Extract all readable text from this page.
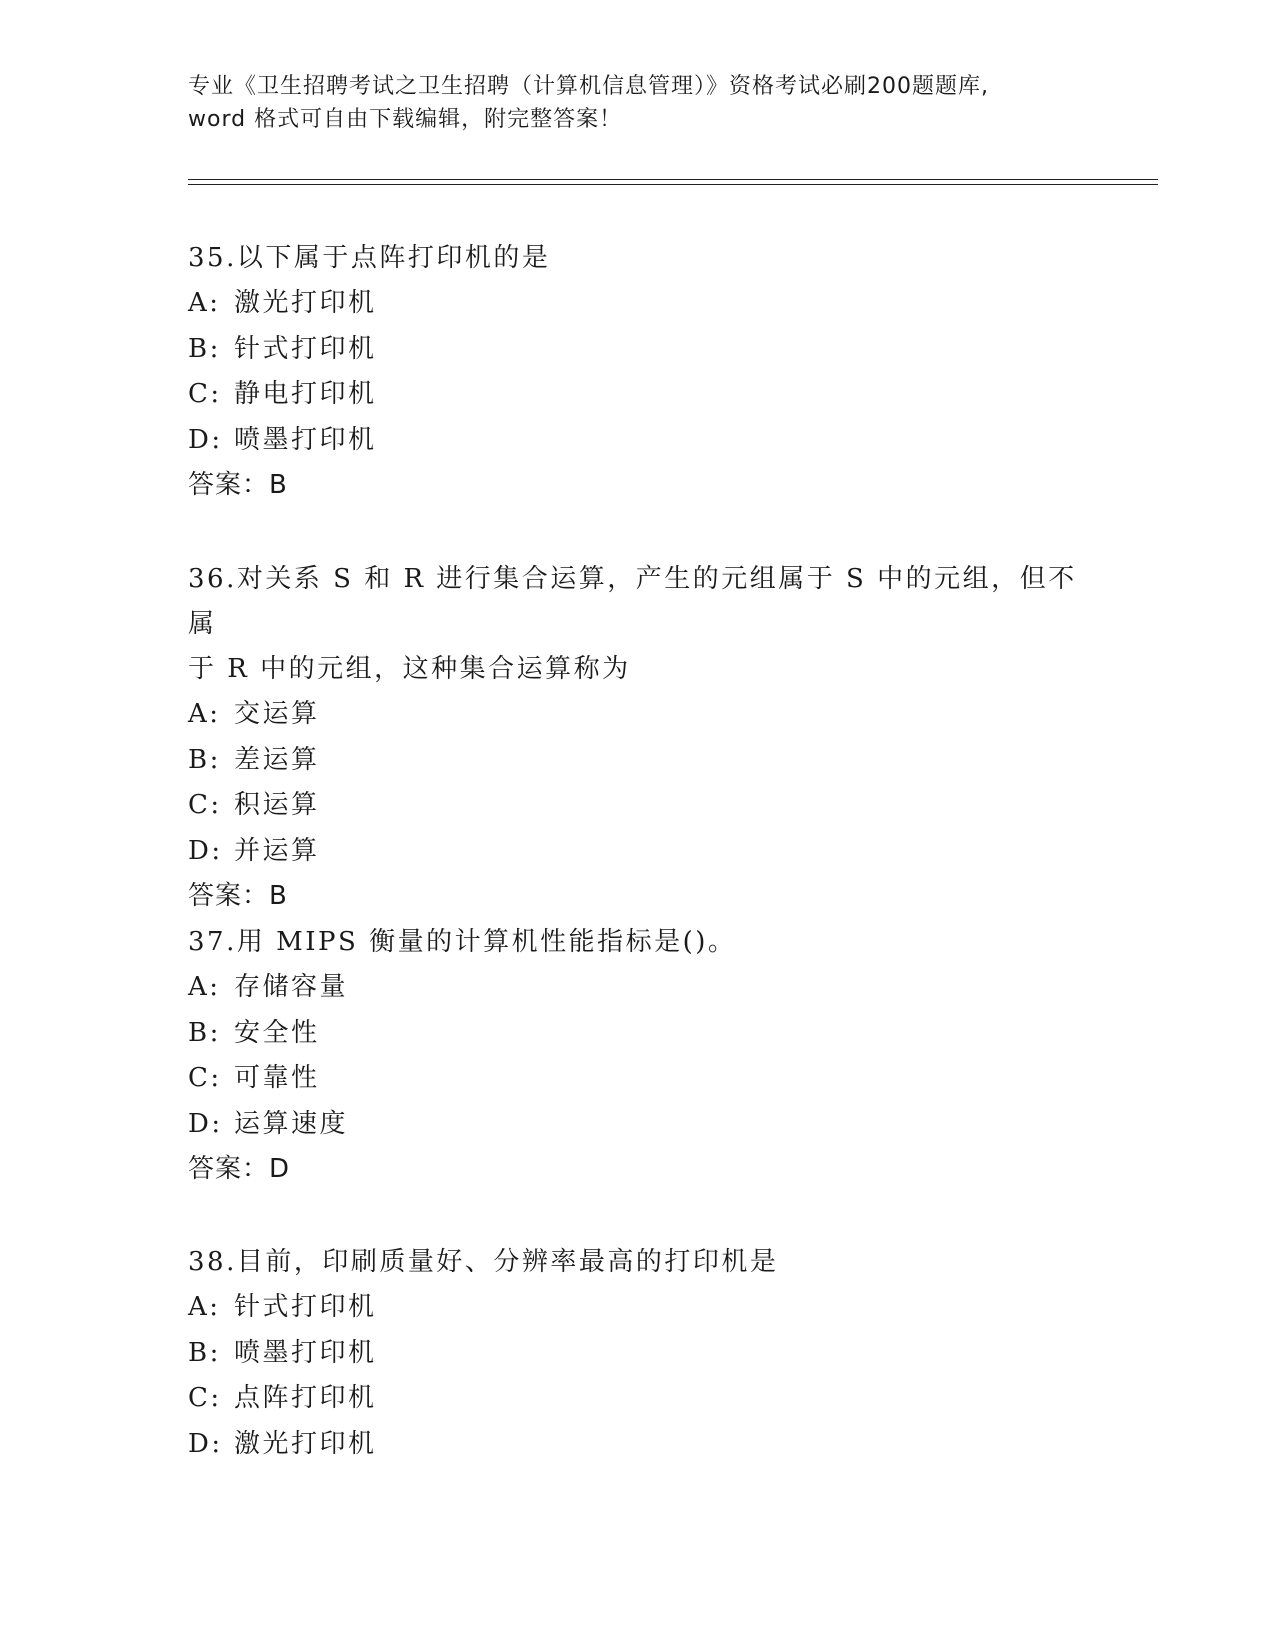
专业《卫生招聘考试之卫生招聘（计算机信息管理）》资格考试必刷200题题库,
word 格式可自由下载编辑，附完整答案！

35.以下属于点阵打印机的是

A: 激光打印机

B: 针式打印机

C: 静电打印机

D: 喷墨打印机

答案：B

36.对关系 S 和 R 进行集合运算，产生的元组属于 S 中的元组，但不属

于 R 中的元组，这种集合运算称为

A: 交运算

B: 差运算

C: 积运算

D: 并运算

答案：B

37.用 MIPS 衡量的计算机性能指标是()。

A: 存储容量

B: 安全性

C: 可靠性

D: 运算速度

答案：D

38.目前，印刷质量好、分辨率最高的打印机是

A: 针式打印机

B: 喷墨打印机

C: 点阵打印机

D: 激光打印机
